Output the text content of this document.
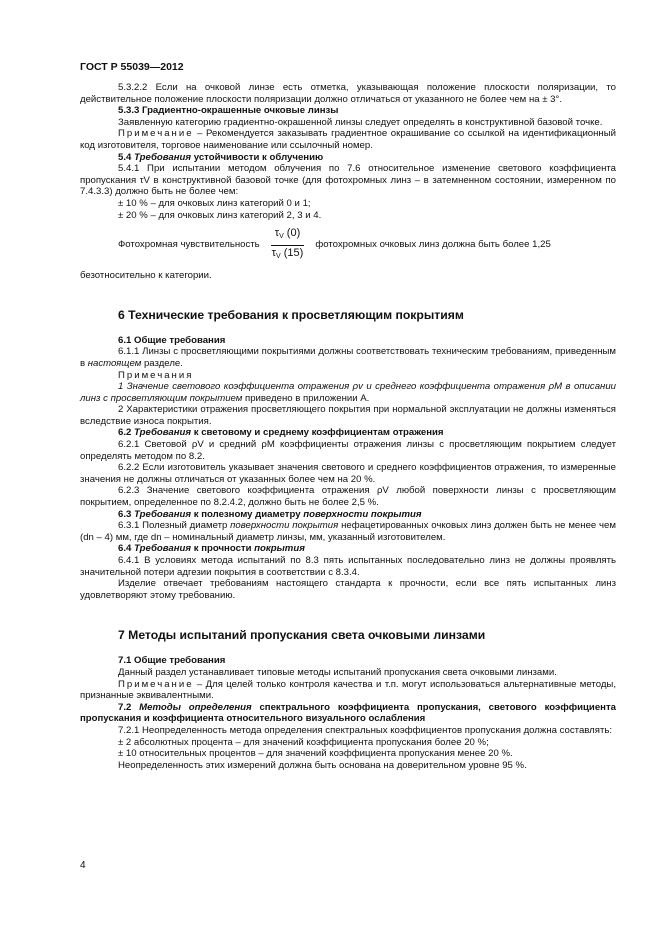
ГОСТ Р 55039—2012

5.3.2.2 Если на очковой линзе есть отметка, указывающая положение плоскости поляризации, то действительное положение плоскости поляризации должно отличаться от указанного не более чем на ± 3°.

5.3.3 Градиентно-окрашенные очковые линзы

Заявленную категорию градиентно-окрашенной линзы следует определять в конструктивной базовой точке.

Примечание – Рекомендуется заказывать градиентное окрашивание со ссылкой на идентификационный код изготовителя, торговое наименование или ссылочный номер.

5.4 Требования устойчивости к облучению

5.4.1 При испытании методом облучения по 7.6 относительное изменение светового коэффициента пропускания τV в конструктивной базовой точке (для фотохромных линз – в затемненном состоянии, измеренном по 7.4.3.3) должно быть не более чем:

± 10 % – для очковых линз категорий 0 и 1;

± 20 % – для очковых линз категорий 2, 3 и 4.

Фотохромная чувствительность $\frac{\tau_V (0)}{\tau_V (15)}$ фотохромных очковых линз должна быть более 1,25

безотносительно к категории.

6 Технические требования к просветляющим покрытиям

6.1 Общие требования

6.1.1 Линзы с просветляющими покрытиями должны соответствовать техническим требованиям, приведенным в настоящем разделе.

Примечания

1 Значение светового коэффициента отражения ρv и среднего коэффициента отражения ρM в описании линз с просветляющим покрытием приведено в приложении А.

2 Характеристики отражения просветляющего покрытия при нормальной эксплуатации не должны изменяться вследствие износа покрытия.

6.2 Требования к световому и среднему коэффициентам отражения

6.2.1 Световой ρV и средний ρM коэффициенты отражения линзы с просветляющим покрытием следует определять методом по 8.2.

6.2.2 Если изготовитель указывает значения светового и среднего коэффициентов отражения, то измеренные значения не должны отличаться от указанных более чем на 20 %.

6.2.3 Значение светового коэффициента отражения ρV любой поверхности линзы с просветляющим покрытием, определенное по 8.2.4.2, должно быть не более 2,5 %.

6.3 Требования к полезному диаметру поверхности покрытия

6.3.1 Полезный диаметр поверхности покрытия нефацетированных очковых линз должен быть не менее чем (dn – 4) мм, где dn – номинальный диаметр линзы, мм, указанный изготовителем.

6.4 Требования к прочности покрытия

6.4.1 В условиях метода испытаний по 8.3 пять испытанных последовательно линз не должны проявлять значительной потери адгезии покрытия в соответствии с 8.3.4.

Изделие отвечает требованиям настоящего стандарта к прочности, если все пять испытанных линз удовлетворяют этому требованию.

7 Методы испытаний пропускания света очковыми линзами

7.1 Общие требования

Данный раздел устанавливает типовые методы испытаний пропускания света очковыми линзами.

Примечание – Для целей только контроля качества и т.п. могут использоваться альтернативные методы, признанные эквивалентными.

7.2 Методы определения спектрального коэффициента пропускания, светового коэффициента пропускания и коэффициента относительного визуального ослабления

7.2.1 Неопределенность метода определения спектральных коэффициентов пропускания должна составлять:

± 2 абсолютных процента – для значений коэффициента пропускания более 20 %;

± 10 относительных процентов – для значений коэффициента пропускания менее 20 %.

Неопределенность этих измерений должна быть основана на доверительном уровне 95 %.

4
